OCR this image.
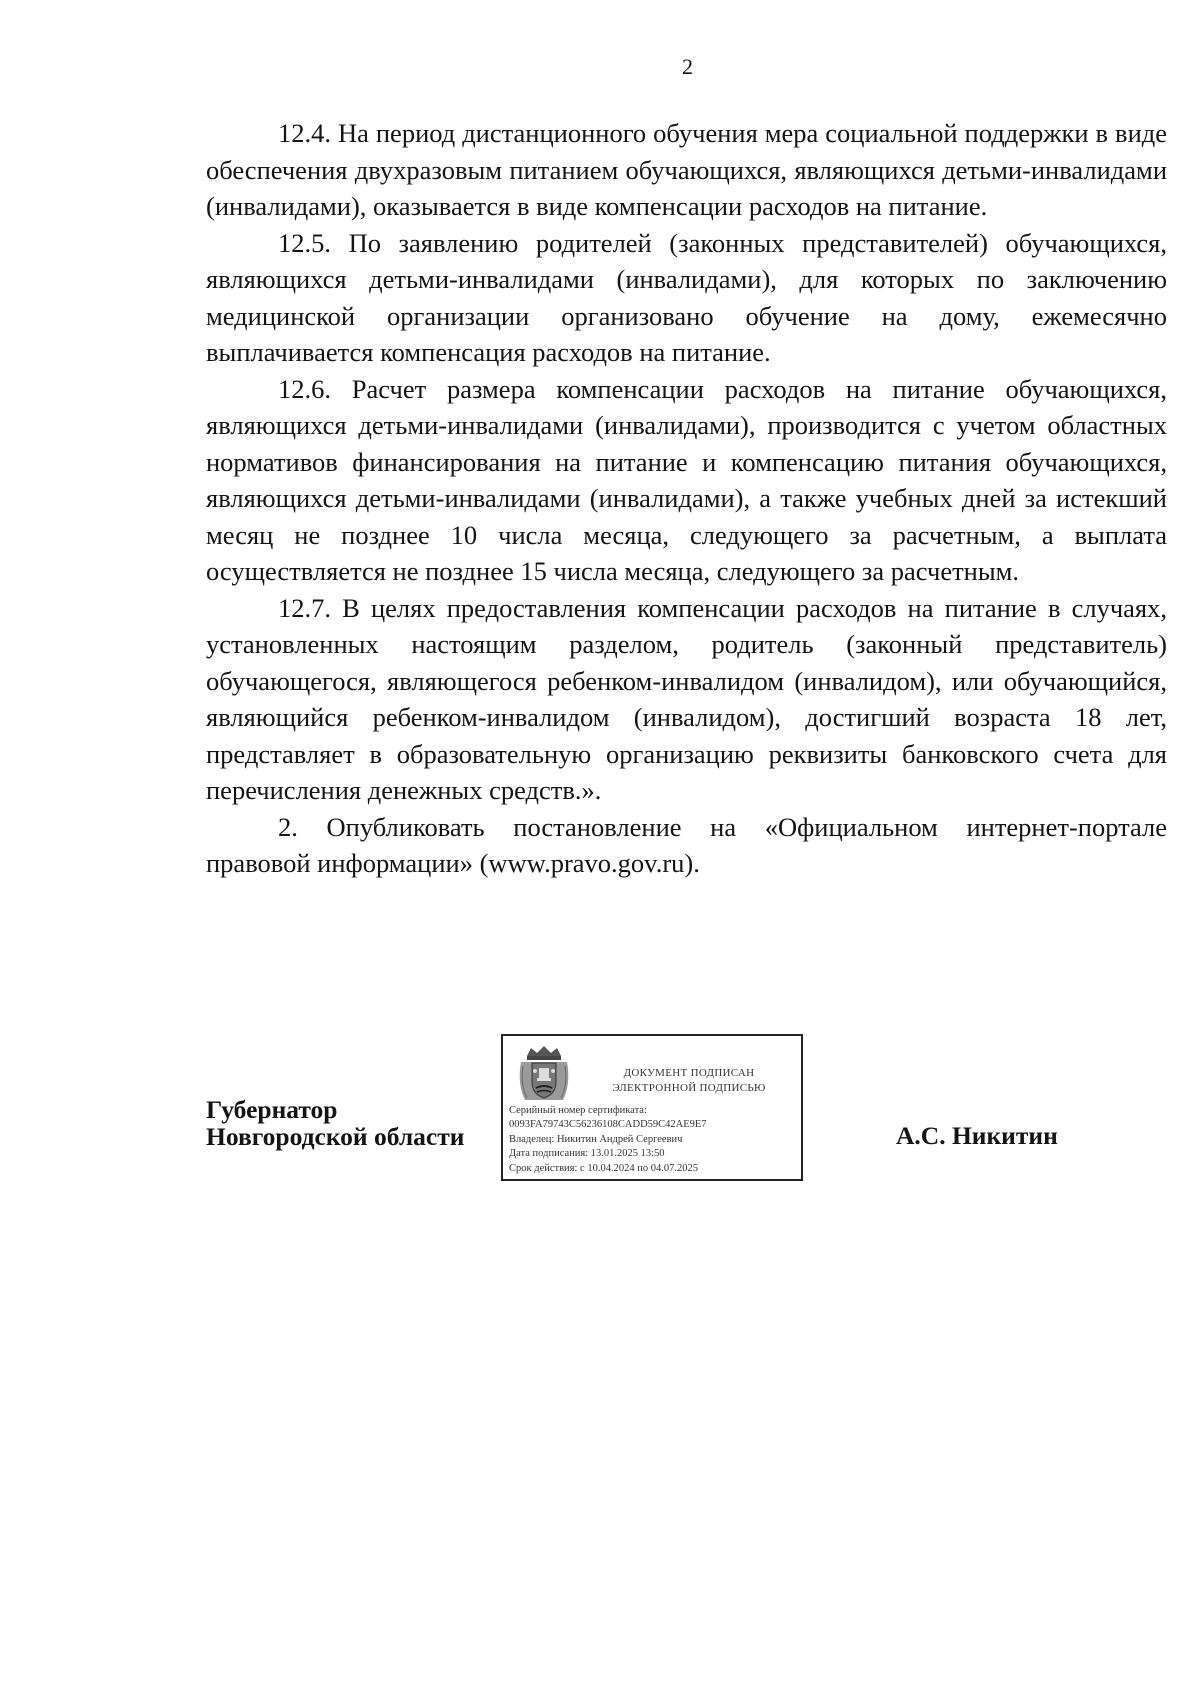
2

12.4. На период дистанционного обучения мера социальной поддержки в виде обеспечения двухразовым питанием обучающихся, являющихся детьми-инвалидами (инвалидами), оказывается в виде компенсации расходов на питание.

12.5. По заявлению родителей (законных представителей) обучающихся, являющихся детьми-инвалидами (инвалидами), для которых по заключению медицинской организации организовано обучение на дому, ежемесячно выплачивается компенсация расходов на питание.

12.6. Расчет размера компенсации расходов на питание обучающихся, являющихся детьми-инвалидами (инвалидами), производится с учетом областных нормативов финансирования на питание и компенсацию питания обучающихся, являющихся детьми-инвалидами (инвалидами), а также учебных дней за истекший месяц не позднее 10 числа месяца, следующего за расчетным, а выплата осуществляется не позднее 15 числа месяца, следующего за расчетным.

12.7. В целях предоставления компенсации расходов на питание в случаях, установленных настоящим разделом, родитель (законный представитель) обучающегося, являющегося ребенком-инвалидом (инвалидом), или обучающийся, являющийся ребенком-инвалидом (инвалидом), достигший возраста 18 лет, представляет в образовательную организацию реквизиты банковского счета для перечисления денежных средств.».

2. Опубликовать постановление на «Официальном интернет-портале правовой информации» (www.pravo.gov.ru).

Губернатор
Новгородской области
ДОКУМЕНТ ПОДПИСАН
ЭЛЕКТРОННОЙ ПОДПИСЬЮ
Серийный номер сертификата:
0093FA79743C56236108CADD59C42AE9E7
Владелец: Никитин Андрей Сергеевич
Дата подписания: 13.01.2025 13:50
Срок действия: с 10.04.2024 по 04.07.2025
А.С. Никитин
